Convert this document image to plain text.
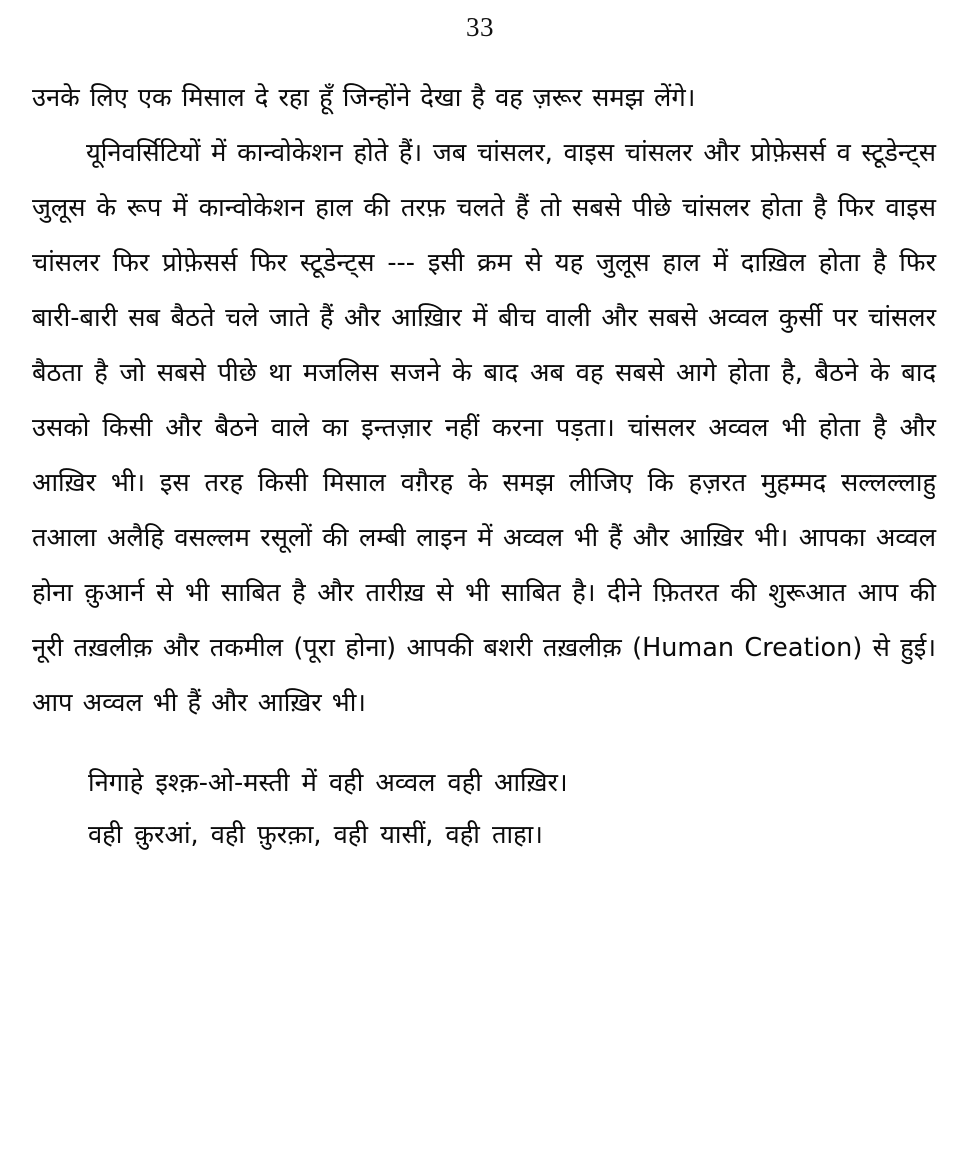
33

उनके लिए एक मिसाल दे रहा हूँ जिन्होंने देखा है वह ज़रूर समझ लेंगे।

यूनिवर्सिटियों में कान्वोकेशन होते हैं। जब चांसलर, वाइस चांसलर और प्रोफ़ेसर्स व स्टूडेन्ट्स जुलूस के रूप में कान्वोकेशन हाल की तरफ़ चलते हैं तो सबसे पीछे चांसलर होता है फिर वाइस चांसलर फिर प्रोफ़ेसर्स फिर स्टूडेन्ट्स --- इसी क्रम से यह जुलूस हाल में दाख़िल होता है फिर बारी-बारी सब बैठते चले जाते हैं और आख़िार में बीच वाली और सबसे अव्वल कुर्सी पर चांसलर बैठता है जो सबसे पीछे था मजलिस सजने के बाद अब वह सबसे आगे होता है, बैठने के बाद उसको किसी और बैठने वाले का इन्तज़ार नहीं करना पड़ता। चांसलर अव्वल भी होता है और आख़िर भी। इस तरह किसी मिसाल वग़ैरह के समझ लीजिए कि हज़रत मुहम्मद सल्लल्लाहु तआला अलैहि वसल्लम रसूलों की लम्बी लाइन में अव्वल भी हैं और आख़िर भी। आपका अव्वल होना क़ुआर्न से भी साबित है और तारीख़ से भी साबित है। दीने फ़ितरत की शुरूआत आप की नूरी तख़लीक़ और तकमील (पूरा होना) आपकी बशरी तख़लीक़ (Human Creation) से हुई। आप अव्वल भी हैं और आख़िर भी।

निगाहे इश्क़-ओ-मस्ती में वही अव्वल वही आख़िर।
वही क़ुरआं, वही फ़ुरक़ा, वही यासीं, वही ताहा।
